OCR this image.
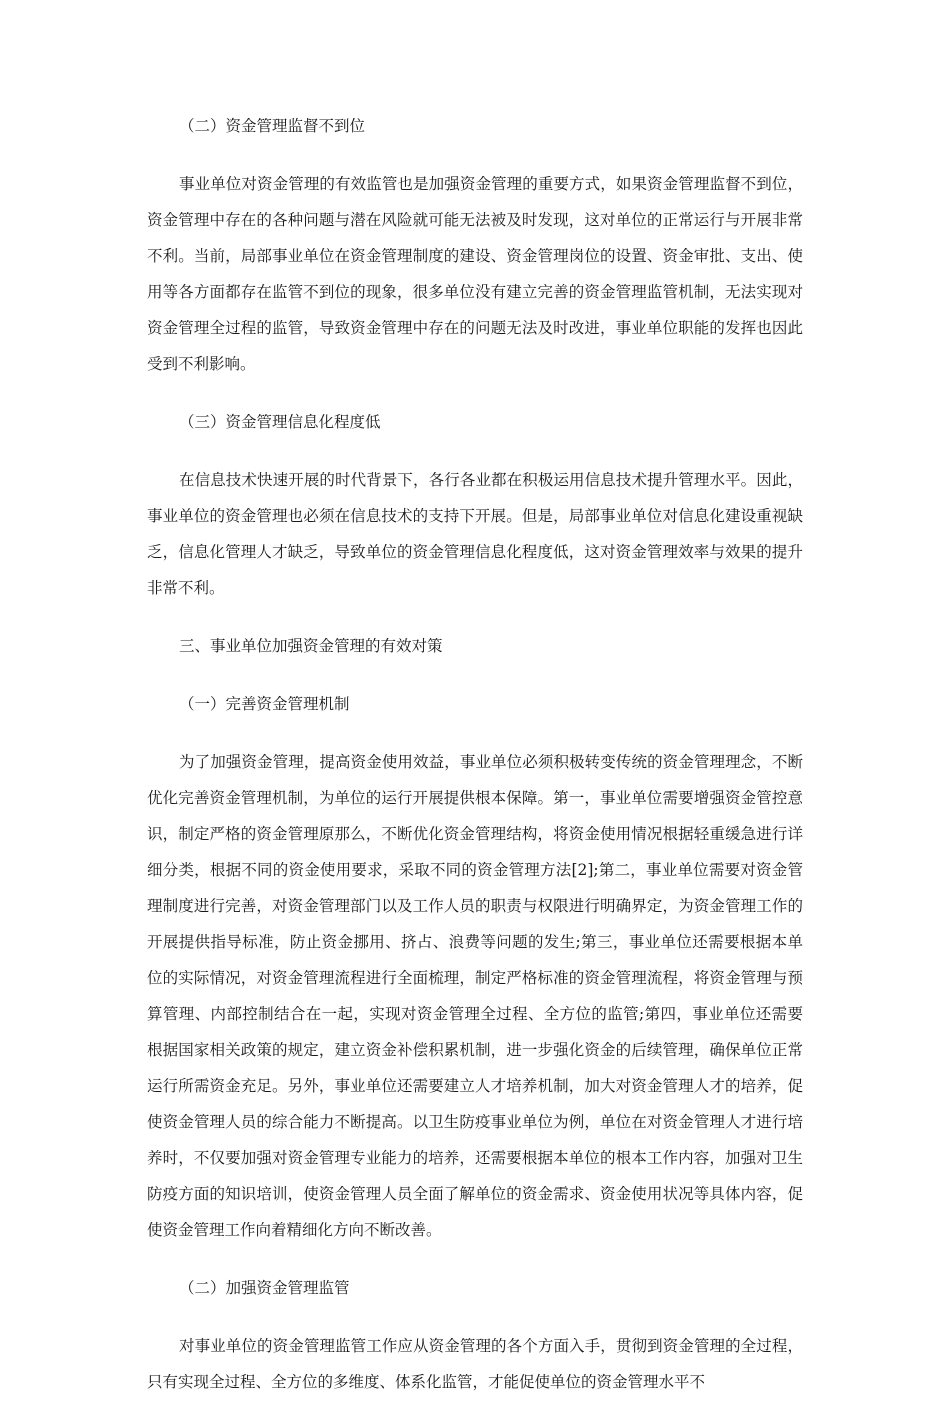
（二）资金管理监督不到位

事业单位对资金管理的有效监管也是加强资金管理的重要方式，如果资金管理监督不到位，资金管理中存在的各种问题与潜在风险就可能无法被及时发现，这对单位的正常运行与开展非常不利。当前，局部事业单位在资金管理制度的建设、资金管理岗位的设置、资金审批、支出、使用等各方面都存在监管不到位的现象，很多单位没有建立完善的资金管理监管机制，无法实现对资金管理全过程的监管，导致资金管理中存在的问题无法及时改进，事业单位职能的发挥也因此受到不利影响。

（三）资金管理信息化程度低

在信息技术快速开展的时代背景下，各行各业都在积极运用信息技术提升管理水平。因此，事业单位的资金管理也必须在信息技术的支持下开展。但是，局部事业单位对信息化建设重视缺乏，信息化管理人才缺乏，导致单位的资金管理信息化程度低，这对资金管理效率与效果的提升非常不利。

三、事业单位加强资金管理的有效对策
（一）完善资金管理机制

为了加强资金管理，提高资金使用效益，事业单位必须积极转变传统的资金管理理念，不断优化完善资金管理机制，为单位的运行开展提供根本保障。第一，事业单位需要增强资金管控意识，制定严格的资金管理原那么，不断优化资金管理结构，将资金使用情况根据轻重缓急进行详细分类，根据不同的资金使用要求，采取不同的资金管理方法[2];第二，事业单位需要对资金管理制度进行完善，对资金管理部门以及工作人员的职责与权限进行明确界定，为资金管理工作的开展提供指导标准，防止资金挪用、挤占、浪费等问题的发生;第三，事业单位还需要根据本单位的实际情况，对资金管理流程进行全面梳理，制定严格标准的资金管理流程，将资金管理与预算管理、内部控制结合在一起，实现对资金管理全过程、全方位的监管;第四，事业单位还需要根据国家相关政策的规定，建立资金补偿积累机制，进一步强化资金的后续管理，确保单位正常运行所需资金充足。另外，事业单位还需要建立人才培养机制，加大对资金管理人才的培养，促使资金管理人员的综合能力不断提高。以卫生防疫事业单位为例，单位在对资金管理人才进行培养时，不仅要加强对资金管理专业能力的培养，还需要根据本单位的根本工作内容，加强对卫生防疫方面的知识培训，使资金管理人员全面了解单位的资金需求、资金使用状况等具体内容，促使资金管理工作向着精细化方向不断改善。

（二）加强资金管理监管

对事业单位的资金管理监管工作应从资金管理的各个方面入手，贯彻到资金管理的全过程，只有实现全过程、全方位的多维度、体系化监管，才能促使单位的资金管理水平不
